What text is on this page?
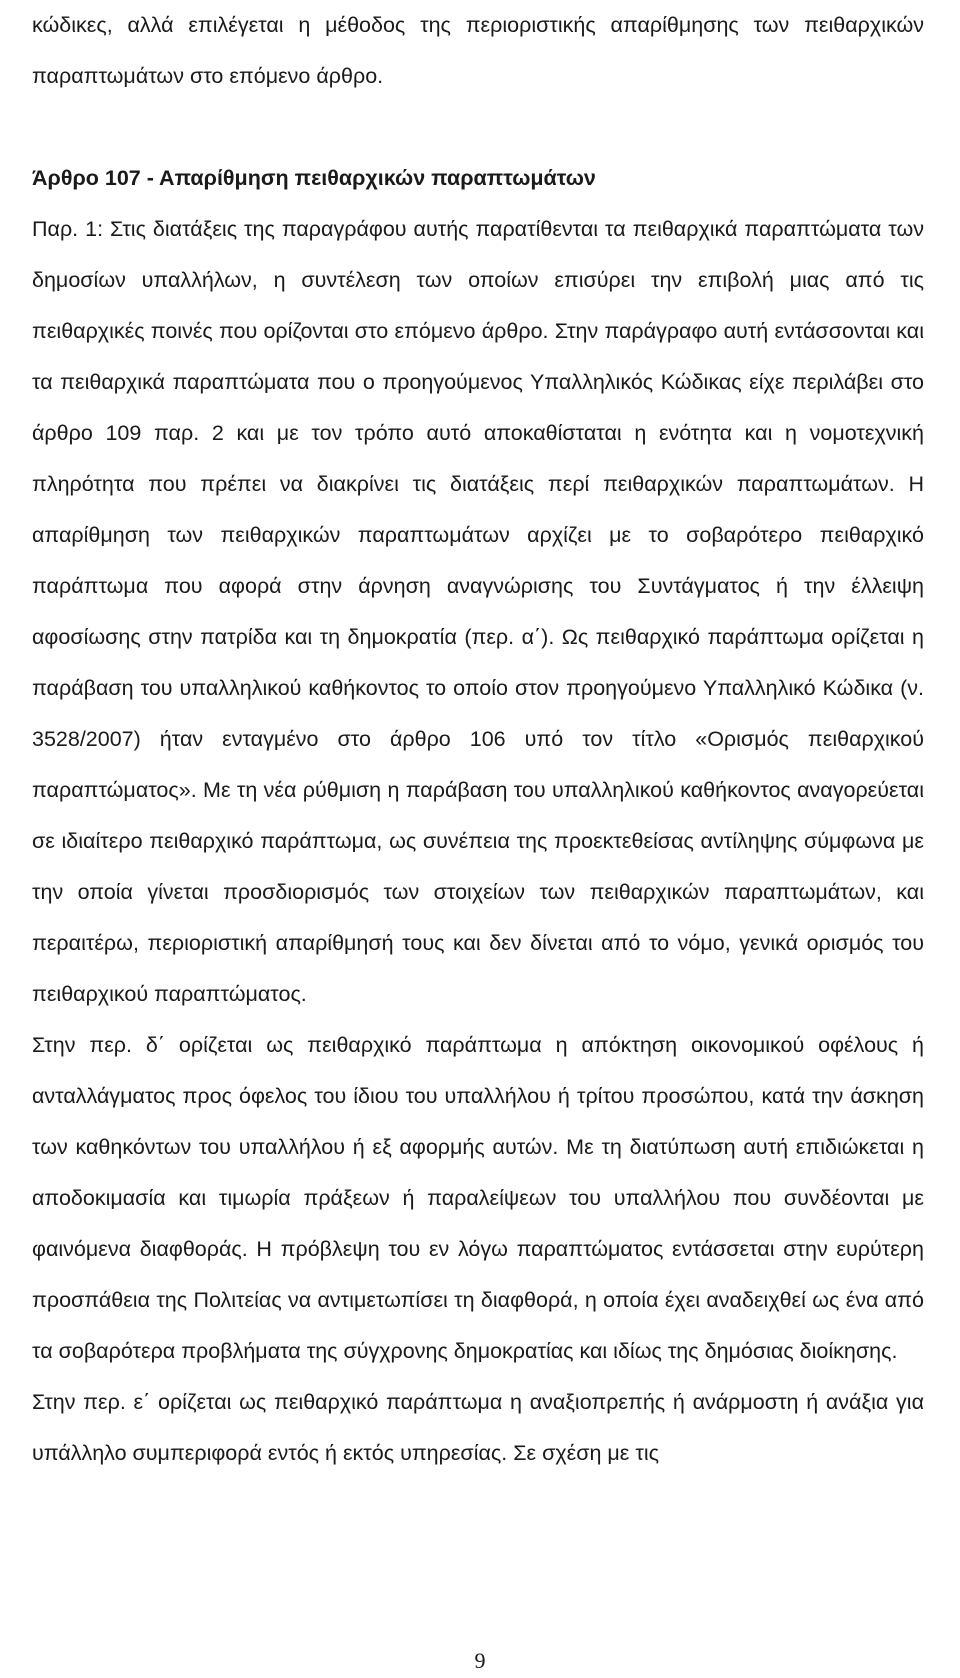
κώδικες, αλλά επιλέγεται η μέθοδος της περιοριστικής απαρίθμησης των πειθαρχικών παραπτωμάτων στο επόμενο άρθρο.

Άρθρο 107 - Απαρίθμηση πειθαρχικών παραπτωμάτων

Παρ. 1: Στις διατάξεις της παραγράφου αυτής παρατίθενται τα πειθαρχικά παραπτώματα των δημοσίων υπαλλήλων, η συντέλεση των οποίων επισύρει την επιβολή μιας από τις πειθαρχικές ποινές που ορίζονται στο επόμενο άρθρο. Στην παράγραφο αυτή εντάσσονται και τα πειθαρχικά παραπτώματα που ο προηγούμενος Υπαλληλικός Κώδικας είχε περιλάβει στο άρθρο 109 παρ. 2 και με τον τρόπο αυτό αποκαθίσταται η ενότητα και η νομοτεχνική πληρότητα που πρέπει να διακρίνει τις διατάξεις περί πειθαρχικών παραπτωμάτων. Η απαρίθμηση των πειθαρχικών παραπτωμάτων αρχίζει με το σοβαρότερο πειθαρχικό παράπτωμα που αφορά στην άρνηση αναγνώρισης του Συντάγματος ή την έλλειψη αφοσίωσης στην πατρίδα και τη δημοκρατία (περ. α΄). Ως πειθαρχικό παράπτωμα ορίζεται η παράβαση του υπαλληλικού καθήκοντος το οποίο στον προηγούμενο Υπαλληλικό Κώδικα (ν. 3528/2007) ήταν ενταγμένο στο άρθρο 106 υπό τον τίτλο «Ορισμός πειθαρχικού παραπτώματος». Με τη νέα ρύθμιση η παράβαση του υπαλληλικού καθήκοντος αναγορεύεται σε ιδιαίτερο πειθαρχικό παράπτωμα, ως συνέπεια της προεκτεθείσας αντίληψης σύμφωνα με την οποία γίνεται προσδιορισμός των στοιχείων των πειθαρχικών παραπτωμάτων, και περαιτέρω, περιοριστική απαρίθμησή τους και δεν δίνεται από το νόμο, γενικά ορισμός του πειθαρχικού παραπτώματος.

Στην περ. δ΄ ορίζεται ως πειθαρχικό παράπτωμα η απόκτηση οικονομικού οφέλους ή ανταλλάγματος προς όφελος του ίδιου του υπαλλήλου ή τρίτου προσώπου, κατά την άσκηση των καθηκόντων του υπαλλήλου ή εξ αφορμής αυτών. Με τη διατύπωση αυτή επιδιώκεται η αποδοκιμασία και τιμωρία πράξεων ή παραλείψεων του υπαλλήλου που συνδέονται με φαινόμενα διαφθοράς. Η πρόβλεψη του εν λόγω παραπτώματος εντάσσεται στην ευρύτερη προσπάθεια της Πολιτείας να αντιμετωπίσει τη διαφθορά, η οποία έχει αναδειχθεί ως ένα από τα σοβαρότερα προβλήματα της σύγχρονης δημοκρατίας και ιδίως της δημόσιας διοίκησης.

Στην περ. ε΄ ορίζεται ως πειθαρχικό παράπτωμα η αναξιοπρεπής ή ανάρμοστη ή ανάξια για υπάλληλο συμπεριφορά εντός ή εκτός υπηρεσίας. Σε σχέση με τις

9
